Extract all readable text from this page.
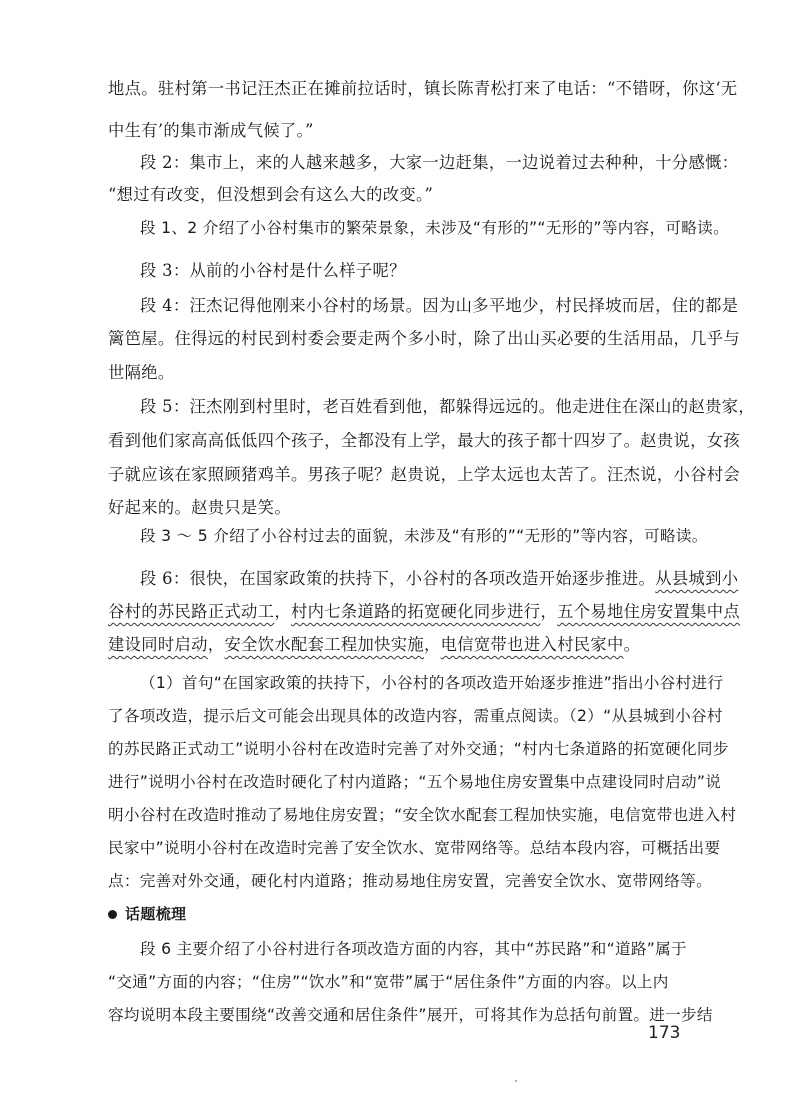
地点。驻村第一书记汪杰正在摊前拉话时，镇长陈青松打来了电话：“不错呀，你这‘无
中生有’的集市渐成气候了。”
段 2：集市上，来的人越来越多，大家一边赶集，一边说着过去种种，十分感慨：
“想过有改变，但没想到会有这么大的改变。”
段 1、2 介绍了小谷村集市的繁荣景象，未涉及“有形的”“无形的”等内容，可略读。
段 3：从前的小谷村是什么样子呢？
段 4：汪杰记得他刚来小谷村的场景。因为山多平地少，村民择坡而居，住的都是
篱笆屋。住得远的村民到村委会要走两个多小时，除了出山买必要的生活用品，几乎与
世隔绝。
段 5：汪杰刚到村里时，老百姓看到他，都躲得远远的。他走进住在深山的赵贵家，
看到他们家高高低低四个孩子，全都没有上学，最大的孩子都十四岁了。赵贵说，女孩
子就应该在家照顾猪鸡羊。男孩子呢？赵贵说，上学太远也太苦了。汪杰说，小谷村会
好起来的。赵贵只是笑。
段 3 ～ 5 介绍了小谷村过去的面貌，未涉及“有形的”“无形的”等内容，可略读。
段 6：很快，在国家政策的扶持下，小谷村的各项改造开始逐步推进。从县城到小
谷村的苏民路正式动工，村内七条道路的拓宽硬化同步进行，五个易地住房安置集中点
建设同时启动，安全饮水配套工程加快实施，电信宽带也进入村民家中。
（1）首句“在国家政策的扶持下，小谷村的各项改造开始逐步推进”指出小谷村进行
了各项改造，提示后文可能会出现具体的改造内容，需重点阅读。（2）“从县城到小谷村
的苏民路正式动工”说明小谷村在改造时完善了对外交通；“村内七条道路的拓宽硬化同步
进行”说明小谷村在改造时硬化了村内道路；“五个易地住房安置集中点建设同时启动”说
明小谷村在改造时推动了易地住房安置；“安全饮水配套工程加快实施，电信宽带也进入村
民家中”说明小谷村在改造时完善了安全饮水、宽带网络等。总结本段内容，可概括出要
点：完善对外交通，硬化村内道路；推动易地住房安置，完善安全饮水、宽带网络等。
话题梳理
段 6 主要介绍了小谷村进行各项改造方面的内容，其中“苏民路”和“道路”属于
“交通”方面的内容；“住房”“饮水”和“宽带”属于“居住条件”方面的内容。以上内
容均说明本段主要围绕“改善交通和居住条件”展开，可将其作为总括句前置。进一步结
173
